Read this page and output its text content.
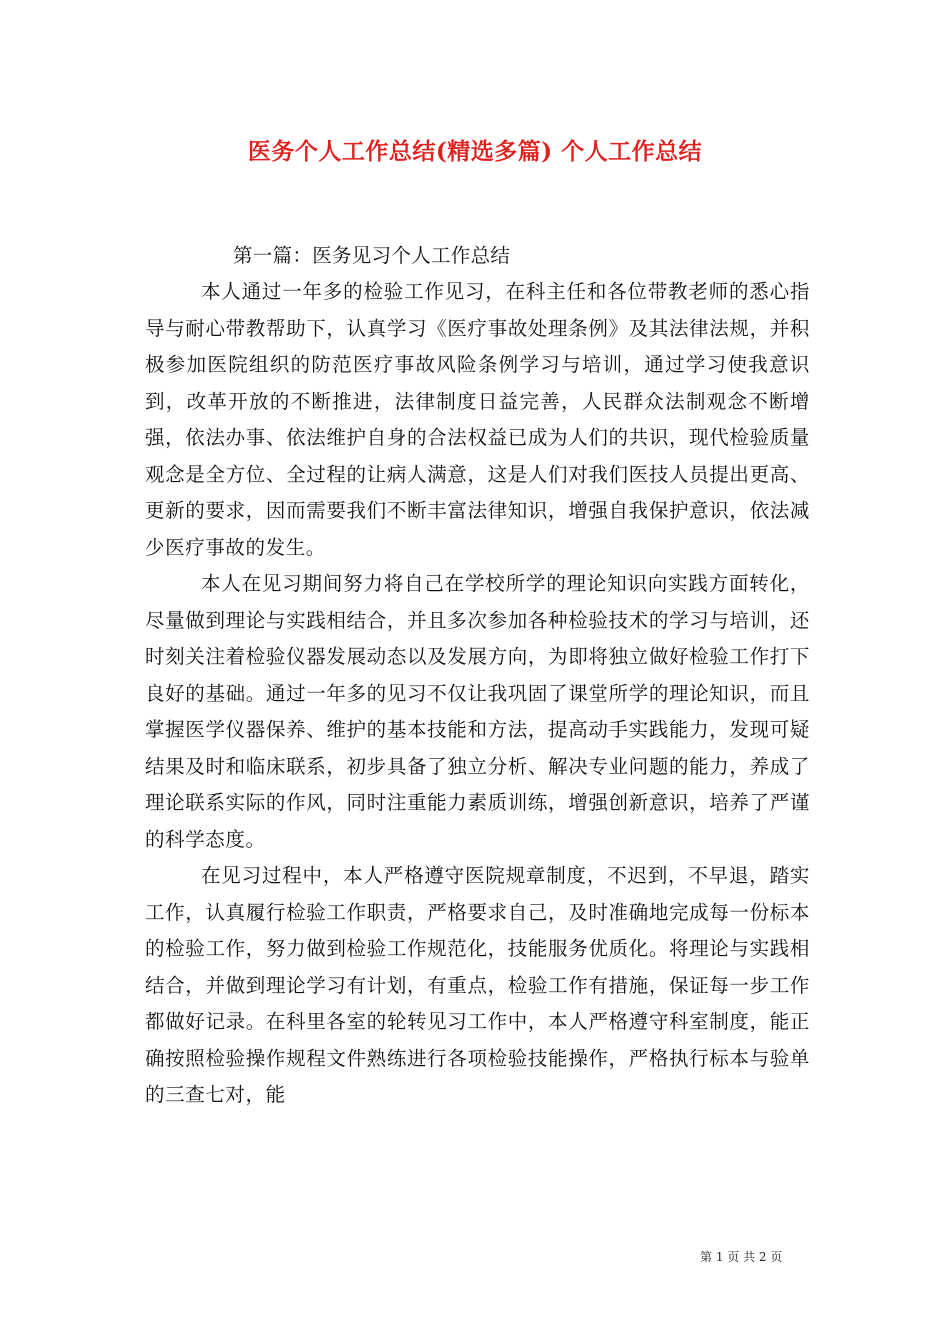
医务个人工作总结(精选多篇) 个人工作总结

第一篇：医务见习个人工作总结

本人通过一年多的检验工作见习，在科主任和各位带教老师的悉心指导与耐心带教帮助下，认真学习《医疗事故处理条例》及其法律法规，并积极参加医院组织的防范医疗事故风险条例学习与培训，通过学习使我意识到，改革开放的不断推进，法律制度日益完善，人民群众法制观念不断增强，依法办事、依法维护自身的合法权益已成为人们的共识，现代检验质量观念是全方位、全过程的让病人满意，这是人们对我们医技人员提出更高、更新的要求，因而需要我们不断丰富法律知识，增强自我保护意识，依法减少医疗事故的发生。

本人在见习期间努力将自己在学校所学的理论知识向实践方面转化，尽量做到理论与实践相结合，并且多次参加各种检验技术的学习与培训，还时刻关注着检验仪器发展动态以及发展方向，为即将独立做好检验工作打下良好的基础。通过一年多的见习不仅让我巩固了课堂所学的理论知识，而且掌握医学仪器保养、维护的基本技能和方法，提高动手实践能力，发现可疑结果及时和临床联系，初步具备了独立分析、解决专业问题的能力，养成了理论联系实际的作风，同时注重能力素质训练，增强创新意识，培养了严谨的科学态度。

在见习过程中，本人严格遵守医院规章制度，不迟到，不早退，踏实工作，认真履行检验工作职责，严格要求自己，及时准确地完成每一份标本的检验工作，努力做到检验工作规范化，技能服务优质化。将理论与实践相结合，并做到理论学习有计划，有重点，检验工作有措施，保证每一步工作都做好记录。在科里各室的轮转见习工作中，本人严格遵守科室制度，能正确按照检验操作规程文件熟练进行各项检验技能操作，严格执行标本与验单的三查七对，能

第 1 页 共 2 页
